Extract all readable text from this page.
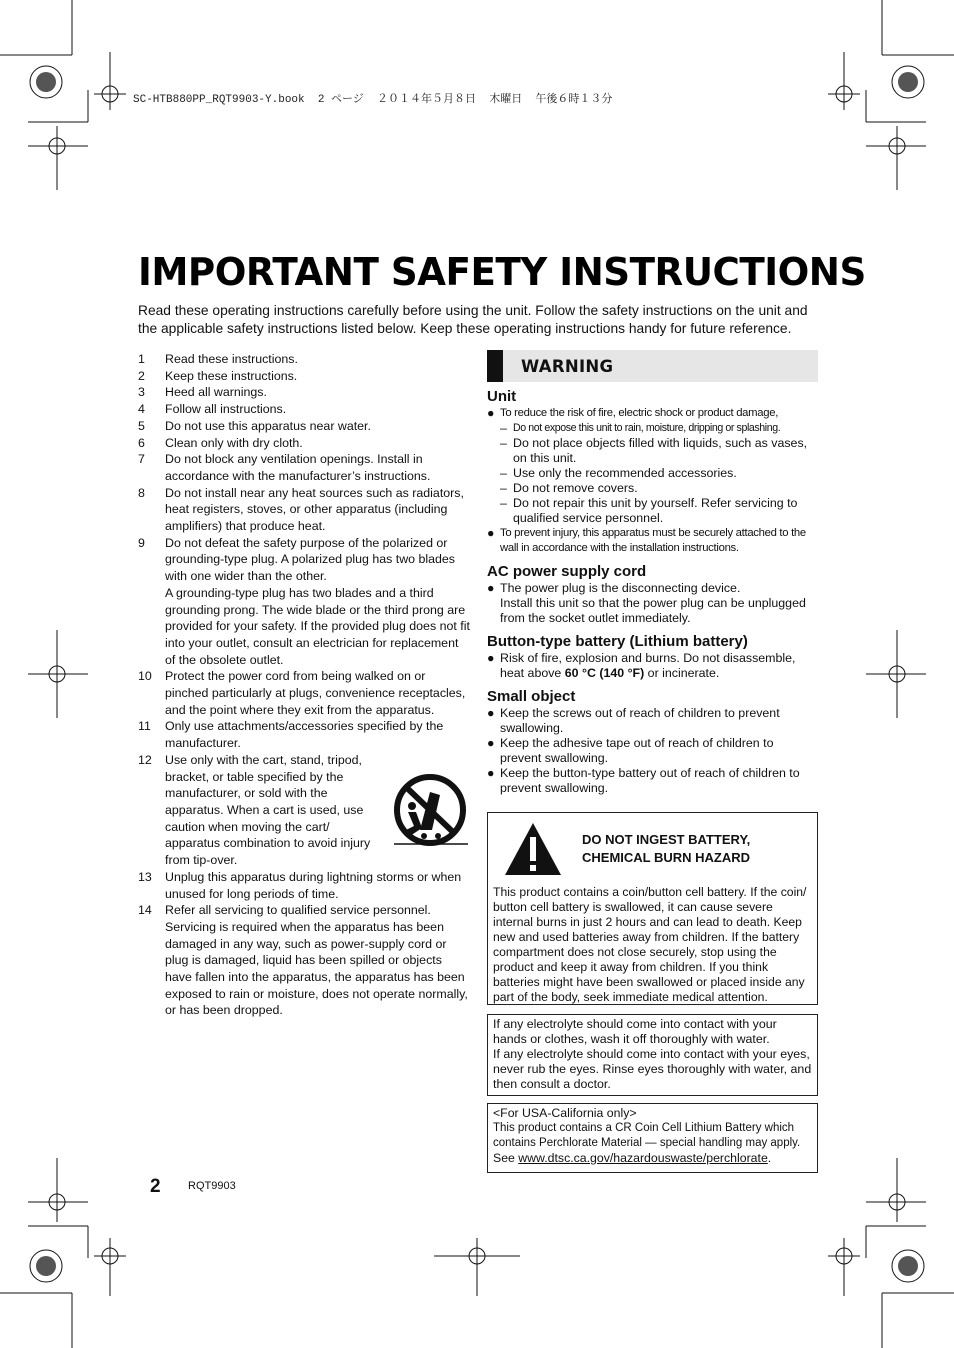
SC-HTB880PP_RQT9903-Y.book  2 ページ  ２０１４年５月８日  木曜日  午後６時１３分
IMPORTANT SAFETY INSTRUCTIONS

Read these operating instructions carefully before using the unit. Follow the safety instructions on the unit and the applicable safety instructions listed below. Keep these operating instructions handy for future reference.

1	Read these instructions.
2	Keep these instructions.
3	Heed all warnings.
4	Follow all instructions.
5	Do not use this apparatus near water.
6	Clean only with dry cloth.
7	Do not block any ventilation openings. Install in accordance with the manufacturer’s instructions.
8	Do not install near any heat sources such as radiators, heat registers, stoves, or other apparatus (including amplifiers) that produce heat.
9	Do not defeat the safety purpose of the polarized or grounding-type plug. A polarized plug has two blades with one wider than the other.
A grounding-type plug has two blades and a third grounding prong. The wide blade or the third prong are provided for your safety. If the provided plug does not fit into your outlet, consult an electrician for replacement of the obsolete outlet.
10	Protect the power cord from being walked on or pinched particularly at plugs, convenience receptacles, and the point where they exit from the apparatus.
11	Only use attachments/accessories specified by the manufacturer.
12	Use only with the cart, stand, tripod, bracket, or table specified by the manufacturer, or sold with the apparatus. When a cart is used, use caution when moving the cart/ apparatus combination to avoid injury from tip-over.
13	Unplug this apparatus during lightning storms or when unused for long periods of time.
14	Refer all servicing to qualified service personnel. Servicing is required when the apparatus has been damaged in any way, such as power-supply cord or plug is damaged, liquid has been spilled or objects have fallen into the apparatus, the apparatus has been exposed to rain or moisture, does not operate normally, or has been dropped.
WARNING
Unit
● To reduce the risk of fire, electric shock or product damage,
– Do not expose this unit to rain, moisture, dripping or splashing.
– Do not place objects filled with liquids, such as vases, on this unit.
– Use only the recommended accessories.
– Do not remove covers.
– Do not repair this unit by yourself. Refer servicing to qualified service personnel.
● To prevent injury, this apparatus must be securely attached to the wall in accordance with the installation instructions.
AC power supply cord
● The power plug is the disconnecting device.
Install this unit so that the power plug can be unplugged from the socket outlet immediately.
Button-type battery (Lithium battery)
● Risk of fire, explosion and burns. Do not disassemble, heat above 60 °C (140 °F) or incinerate.
Small object
● Keep the screws out of reach of children to prevent swallowing.
● Keep the adhesive tape out of reach of children to prevent swallowing.
● Keep the button-type battery out of reach of children to prevent swallowing.
DO NOT INGEST BATTERY,
CHEMICAL BURN HAZARD
This product contains a coin/button cell battery. If the coin/ button cell battery is swallowed, it can cause severe internal burns in just 2 hours and can lead to death. Keep new and used batteries away from children. If the battery compartment does not close securely, stop using the product and keep it away from children. If you think batteries might have been swallowed or placed inside any part of the body, seek immediate medical attention.
If any electrolyte should come into contact with your hands or clothes, wash it off thoroughly with water.
If any electrolyte should come into contact with your eyes, never rub the eyes. Rinse eyes thoroughly with water, and then consult a doctor.
<For USA-California only>
This product contains a CR Coin Cell Lithium Battery which contains Perchlorate Material — special handling may apply.
See www.dtsc.ca.gov/hazardouswaste/perchlorate.
2 RQT9903
